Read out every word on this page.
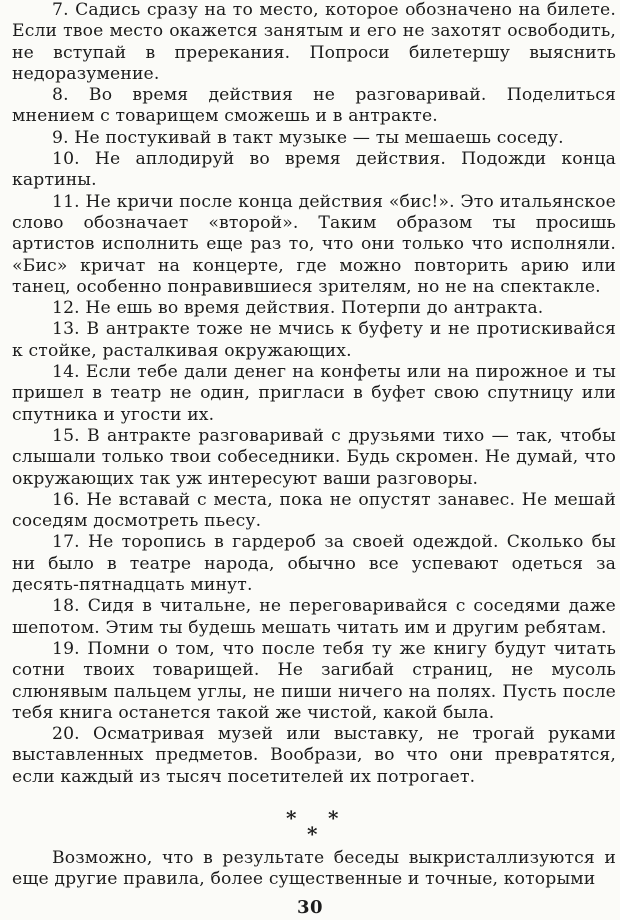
7. Садись сразу на то место, которое обозначено на билете. Если твое место окажется занятым и его не захотят освободить, не вступай в пререкания. Попроси билетершу выяснить недоразумение.

8. Во время действия не разговаривай. Поделиться мнением с товарищем сможешь и в антракте.

9. Не постукивай в такт музыке — ты мешаешь соседу.

10. Не аплодируй во время действия. Подожди конца картины.

11. Не кричи после конца действия «бис!». Это итальянское слово обозначает «второй». Таким образом ты просишь артистов исполнить еще раз то, что они только что исполняли. «Бис» кричат на концерте, где можно повторить арию или танец, особенно понравившиеся зрителям, но не на спектакле.

12. Не ешь во время действия. Потерпи до антракта.

13. В антракте тоже не мчись к буфету и не протискивайся к стойке, расталкивая окружающих.

14. Если тебе дали денег на конфеты или на пирожное и ты пришел в театр не один, пригласи в буфет свою спутницу или спутника и угости их.

15. В антракте разговаривай с друзьями тихо — так, чтобы слышали только твои собеседники. Будь скромен. Не думай, что окружающих так уж интересуют ваши разговоры.

16. Не вставай с места, пока не опустят занавес. Не мешай соседям досмотреть пьесу.

17. Не торопись в гардероб за своей одеждой. Сколько бы ни было в театре народа, обычно все успевают одеться за десять-пятнадцать минут.

18. Сидя в читальне, не переговаривайся с соседями даже шепотом. Этим ты будешь мешать читать им и другим ребятам.

19. Помни о том, что после тебя ту же книгу будут читать сотни твоих товарищей. Не загибай страниц, не мусоль слюнявым пальцем углы, не пиши ничего на полях. Пусть после тебя книга останется такой же чистой, какой была.

20. Осматривая музей или выставку, не трогай руками выставленных предметов. Вообрази, во что они превратятся, если каждый из тысяч посетителей их потрогает.

* *
*

Возможно, что в результате беседы выкристаллизуются и еще другие правила, более существенные и точные, которыми

30
